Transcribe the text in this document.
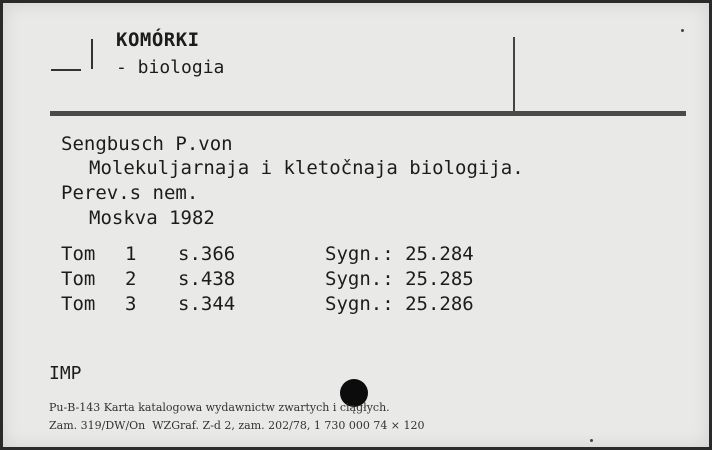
KOMÓRKI
- biologia
Sengbusch P.von
Molekuljarnaja i kletočnaja biologija.
Perev.s nem.
Moskva 1982
Tom 1 s.366	Sygn.: 25.284
Tom 2 s.438	Sygn.: 25.285
Tom 3 s.344	Sygn.: 25.286
IMP
Pu-B-143 Karta katalogowa wydawnictw zwartych i ciągłych.
Zam. 319/DW/On  WZGraf. Z-d 2, zam. 202/78, 1 730 000 74 × 120
